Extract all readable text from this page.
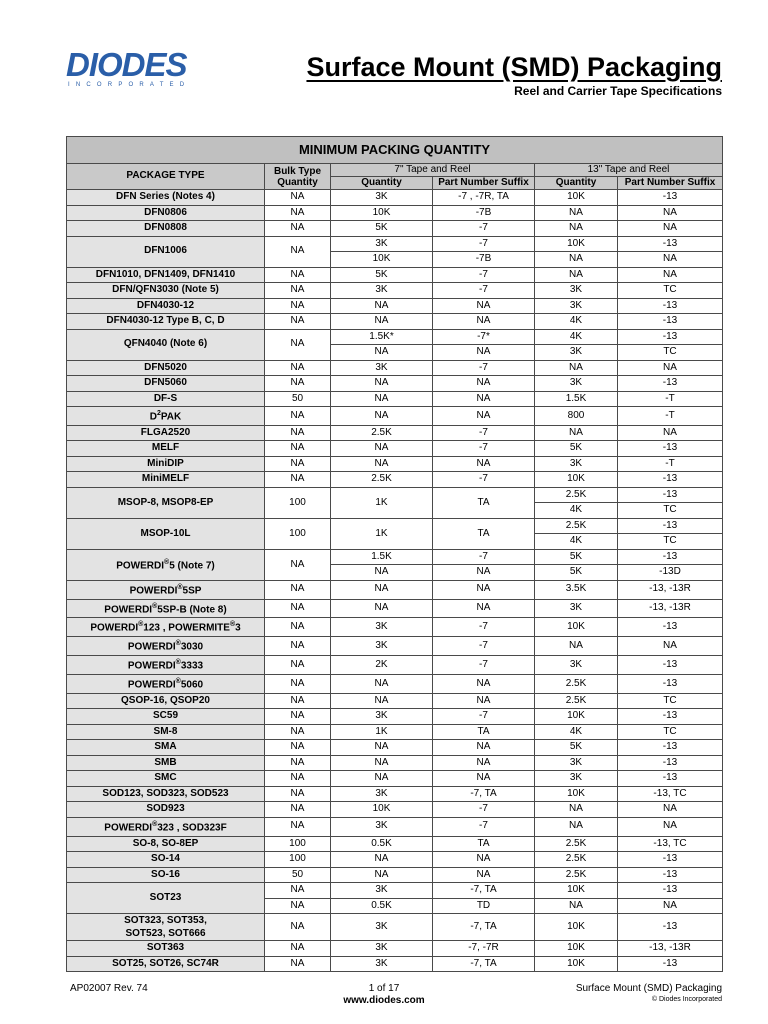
DIODES
INCORPORATED
Surface Mount (SMD) Packaging
Reel and Carrier Tape Specifications
MINIMUM PACKING QUANTITY					
PACKAGE TYPE	Bulk Type Quantity	7" Tape and Reel		13" Tape and Reel	
		Quantity	Part Number Suffix	Quantity	Part Number Suffix
DFN Series (Notes 4)	NA	3K	-7 , -7R, TA	10K	-13
DFN0806	NA	10K	-7B	NA	NA
DFN0808	NA	5K	-7	NA	NA
DFN1006	NA	3K	-7	10K	-13
		10K	-7B	NA	NA
DFN1010, DFN1409, DFN1410	NA	5K	-7	NA	NA
DFN/QFN3030 (Note 5)	NA	3K	-7	3K	TC
DFN4030-12	NA	NA	NA	3K	-13
DFN4030-12 Type B, C, D	NA	NA	NA	4K	-13
QFN4040 (Note 6)	NA	1.5K*	-7*	4K	-13
		NA	NA	3K	TC
DFN5020	NA	3K	-7	NA	NA
DFN5060	NA	NA	NA	3K	-13
DF-S	50	NA	NA	1.5K	-T
$D^2PAK$	NA	NA	NA	800	-T
FLGA2520	NA	2.5K	-7	NA	NA
MELF	NA	NA	-7	5K	-13
MiniDIP	NA	NA	NA	3K	-T
MiniMELF	NA	2.5K	-7	10K	-13
MSOP-8, MSOP8-EP	100	1K	TA	2.5K	-13
				4K	TC
MSOP-10L	100	1K	TA	2.5K	-13
				4K	TC
POWERDI®5 (Note 7)	NA	1.5K	-7	5K	-13
		NA	NA	5K	-13D
POWERDI®5SP	NA	NA	NA	3.5K	-13, -13R
POWERDI®5SP-B (Note 8)	NA	NA	NA	3K	-13, -13R
POWERDI®123 , POWERMITE®3	NA	3K	-7	10K	-13
POWERDI®3030	NA	3K	-7	NA	NA
POWERDI®3333	NA	2K	-7	3K	-13
POWERDI®5060	NA	NA	NA	2.5K	-13
QSOP-16, QSOP20	NA	NA	NA	2.5K	TC
SC59	NA	3K	-7	10K	-13
SM-8	NA	1K	TA	4K	TC
SMA	NA	NA	NA	5K	-13
SMB	NA	NA	NA	3K	-13
SMC	NA	NA	NA	3K	-13
SOD123, SOD323, SOD523	NA	3K	-7, TA	10K	-13, TC
SOD923	NA	10K	-7	NA	NA
POWERDI®323 , SOD323F	NA	3K	-7	NA	NA
SO-8, SO-8EP	100	0.5K	TA	2.5K	-13, TC
SO-14	100	NA	NA	2.5K	-13
SO-16	50	NA	NA	2.5K	-13
SOT23	NA	3K	-7, TA	10K	-13
	NA	0.5K	TD	NA	NA
SOT323, SOT353,
SOT523, SOT666	NA	3K	-7, TA	10K	-13
SOT363	NA	3K	-7, -7R	10K	-13, -13R
SOT25, SOT26, SC74R	NA	3K	-7, TA	10K	-13
AP02007 Rev. 74	1 of 17
www.diodes.com
Surface Mount (SMD) Packaging
© Diodes Incorporated
